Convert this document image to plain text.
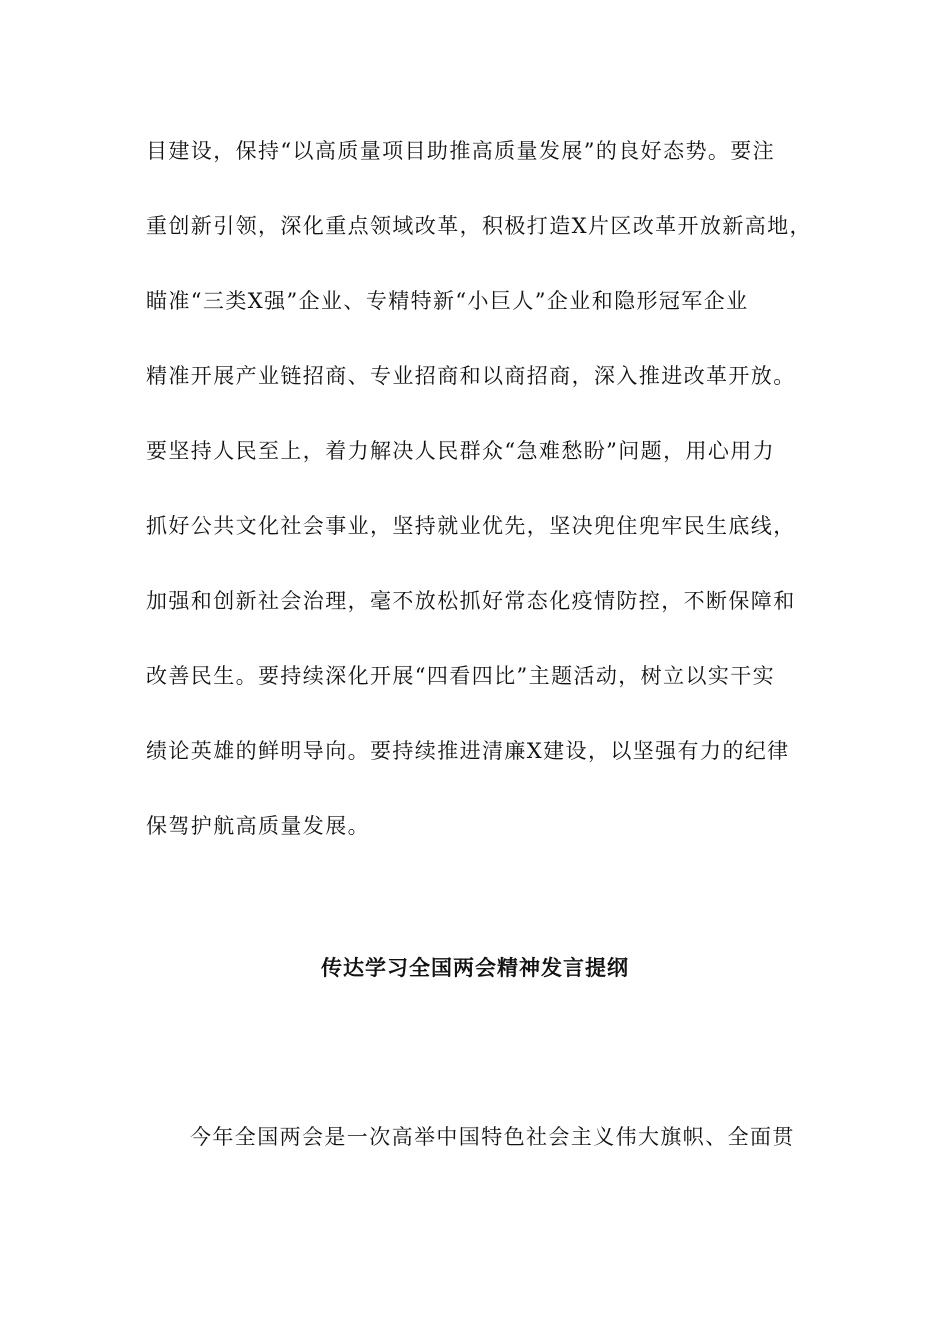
目建设，保持“以高质量项目助推高质量发展”的良好态势。要注
重创新引领，深化重点领域改革，积极打造X片区改革开放新高地，
瞄准“三类X强”企业、专精特新“小巨人”企业和隐形冠军企业
精准开展产业链招商、专业招商和以商招商，深入推进改革开放。
要坚持人民至上，着力解决人民群众“急难愁盼”问题，用心用力
抓好公共文化社会事业，坚持就业优先，坚决兜住兜牢民生底线，
加强和创新社会治理，毫不放松抓好常态化疫情防控，不断保障和
改善民生。要持续深化开展“四看四比”主题活动，树立以实干实
绩论英雄的鲜明导向。要持续推进清廉X建设，以坚强有力的纪律
保驾护航高质量发展。
传达学习全国两会精神发言提纲
今年全国两会是一次高举中国特色社会主义伟大旗帜、全面贯
